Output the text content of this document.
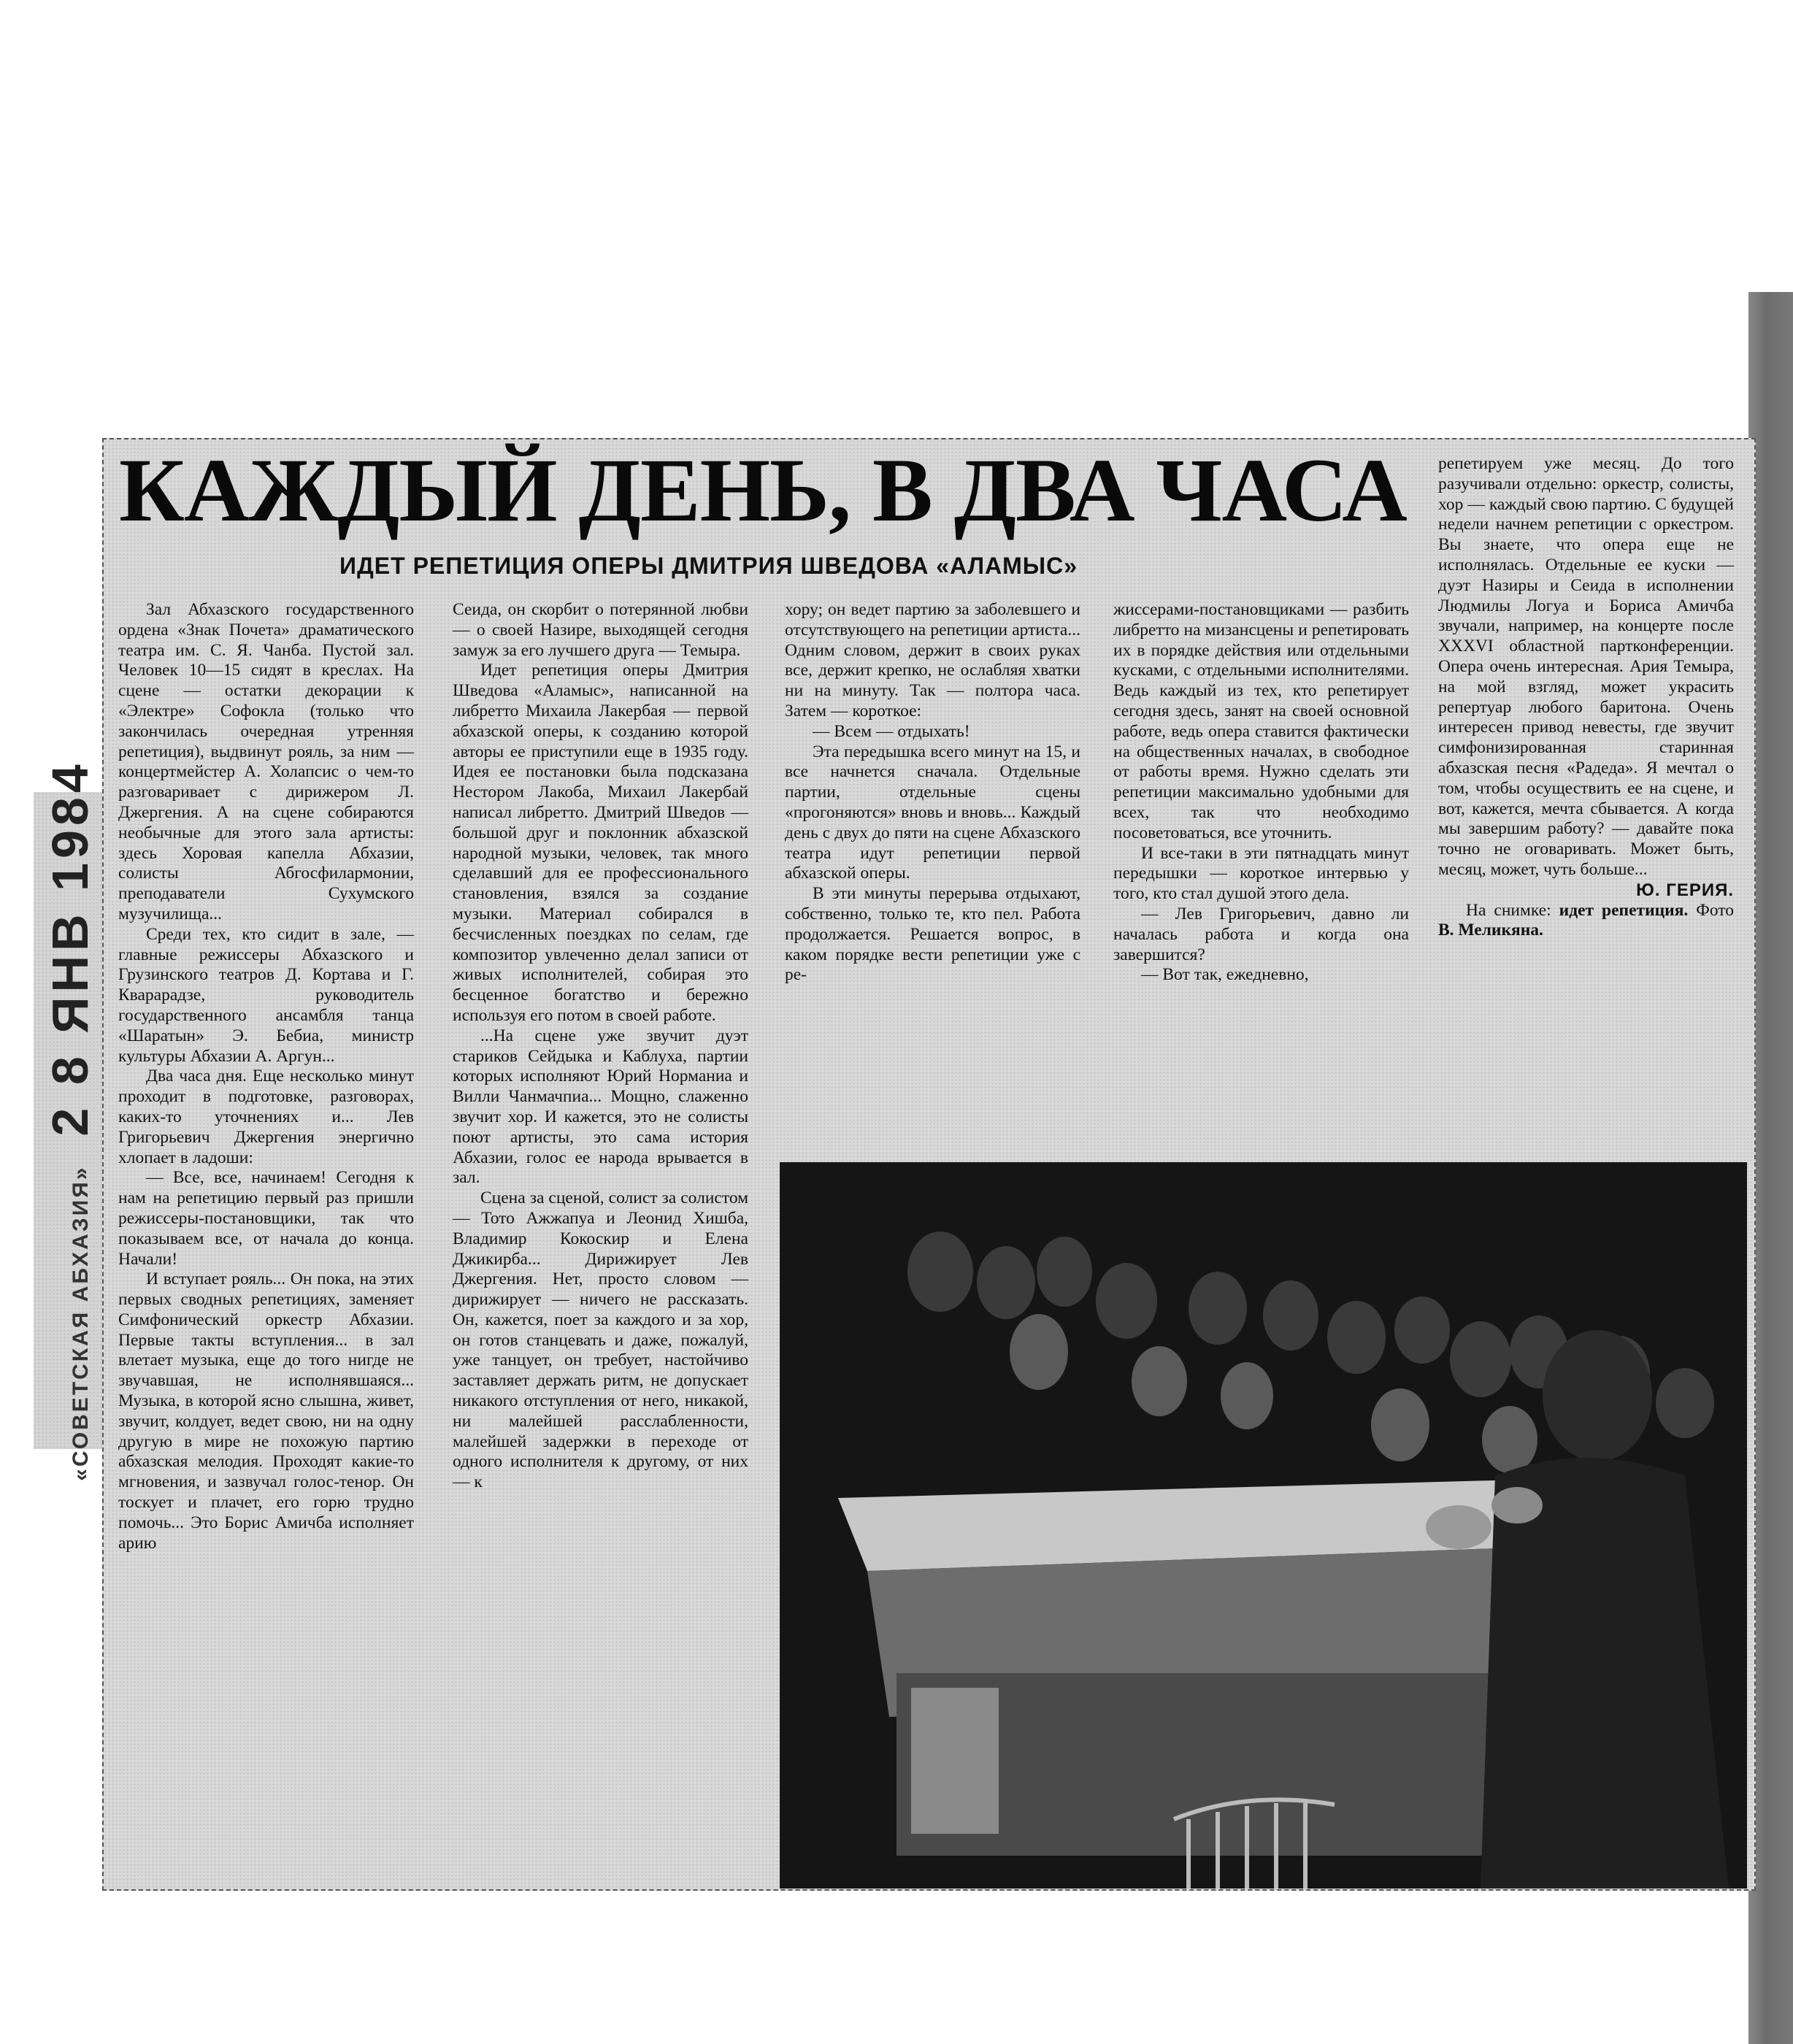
«СОВЕТСКАЯ АБХАЗИЯ»
2 8 ЯНВ 1984
КАЖДЫЙ ДЕНЬ, В ДВА ЧАСА
ИДЕТ РЕПЕТИЦИЯ ОПЕРЫ ДМИТРИЯ ШВЕДОВА «АЛАМЫС»

Зал Абхазского государственного ордена «Знак Почета» драматического театра им. С. Я. Чанба. Пустой зал. Человек 10—15 сидят в креслах. На сцене — остатки декорации к «Электре» Софокла (только что закончилась очередная утренняя репетиция), выдвинут рояль, за ним — концертмейстер А. Холапсис о чем-то разговаривает с дирижером Л. Джергения. А на сцене собираются необычные для этого зала артисты: здесь Хоровая капелла Абхазии, солисты Абгосфилармонии, преподаватели Сухумского музучилища...

Среди тех, кто сидит в зале, — главные режиссеры Абхазского и Грузинского театров Д. Кортава и Г. Кварарадзе, руководитель государственного ансамбля танца «Шаратын» Э. Бебиа, министр культуры Абхазии А. Аргун...

Два часа дня. Еще несколько минут проходит в подготовке, разговорах, каких-то уточнениях и... Лев Григорьевич Джергения энергично хлопает в ладоши:

— Все, все, начинаем! Сегодня к нам на репетицию первый раз пришли режиссеры-постановщики, так что показываем все, от начала до конца. Начали!

И вступает рояль... Он пока, на этих первых сводных репетициях, заменяет Симфонический оркестр Абхазии. Первые такты вступления... в зал влетает музыка, еще до того нигде не звучавшая, не исполнявшаяся... Музыка, в которой ясно слышна, живет, звучит, колдует, ведет свою, ни на одну другую в мире не похожую партию абхазская мелодия. Проходят какие-то мгновения, и зазвучал голос-тенор. Он тоскует и плачет, его горю трудно помочь... Это Борис Амичба исполняет арию

Сеида, он скорбит о потерянной любви — о своей Назире, выходящей сегодня замуж за его лучшего друга — Темыра.

Идет репетиция оперы Дмитрия Шведова «Аламыс», написанной на либретто Михаила Лакербая — первой абхазской оперы, к созданию которой авторы ее приступили еще в 1935 году. Идея ее постановки была подсказана Нестором Лакоба, Михаил Лакербай написал либретто. Дмитрий Шведов — большой друг и поклонник абхазской народной музыки, человек, так много сделавший для ее профессионального становления, взялся за создание музыки. Материал собирался в бесчисленных поездках по селам, где композитор увлеченно делал записи от живых исполнителей, собирая это бесценное богатство и бережно используя его потом в своей работе.

...На сцене уже звучит дуэт стариков Сейдыка и Каблуха, партии которых исполняют Юрий Норманиа и Вилли Чанмачпиа... Мощно, слаженно звучит хор. И кажется, это не солисты поют артисты, это сама история Абхазии, голос ее народа врывается в зал.

Сцена за сценой, солист за солистом — Тото Ажжапуа и Леонид Хишба, Владимир Кокоскир и Елена Джикирба... Дирижирует Лев Джергения. Нет, просто словом — дирижирует — ничего не рассказать. Он, кажется, поет за каждого и за хор, он готов станцевать и даже, пожалуй, уже танцует, он требует, настойчиво заставляет держать ритм, не допускает никакого отступления от него, никакой, ни малейшей расслабленности, малейшей задержки в переходе от одного исполнителя к другому, от них — к

хору; он ведет партию за заболевшего и отсутствующего на репетиции артиста... Одним словом, держит в своих руках все, держит крепко, не ослабляя хватки ни на минуту. Так — полтора часа. Затем — короткое:

— Всем — отдыхать!

Эта передышка всего минут на 15, и все начнется сначала. Отдельные партии, отдельные сцены «прогоняются» вновь и вновь... Каждый день с двух до пяти на сцене Абхазского театра идут репетиции первой абхазской оперы.

В эти минуты перерыва отдыхают, собственно, только те, кто пел. Работа продолжается. Решается вопрос, в каком порядке вести репетиции уже с ре-

жиссерами-постановщиками — разбить либретто на мизансцены и репетировать их в порядке действия или отдельными кусками, с отдельными исполнителями. Ведь каждый из тех, кто репетирует сегодня здесь, занят на своей основной работе, ведь опера ставится фактически на общественных началах, в свободное от работы время. Нужно сделать эти репетиции максимально удобными для всех, так что необходимо посоветоваться, все уточнить.

И все-таки в эти пятнадцать минут передышки — короткое интервью у того, кто стал душой этого дела.

— Лев Григорьевич, давно ли началась работа и когда она завершится?

— Вот так, ежедневно,

репетируем уже месяц. До того разучивали отдельно: оркестр, солисты, хор — каждый свою партию. С будущей недели начнем репетиции с оркестром. Вы знаете, что опера еще не исполнялась. Отдельные ее куски — дуэт Назиры и Сеида в исполнении Людмилы Логуа и Бориса Амичба звучали, например, на концерте после XXXVI областной партконференции. Опера очень интересная. Ария Темыра, на мой взгляд, может украсить репертуар любого баритона. Очень интересен привод невесты, где звучит симфонизированная старинная абхазская песня «Радеда». Я мечтал о том, чтобы осуществить ее на сцене, и вот, кажется, мечта сбывается. А когда мы завершим работу? — давайте пока точно не оговаривать. Может быть, месяц, может, чуть больше...

Ю. ГЕРИЯ.

На снимке: идет репетиция. Фото В. Меликяна.
